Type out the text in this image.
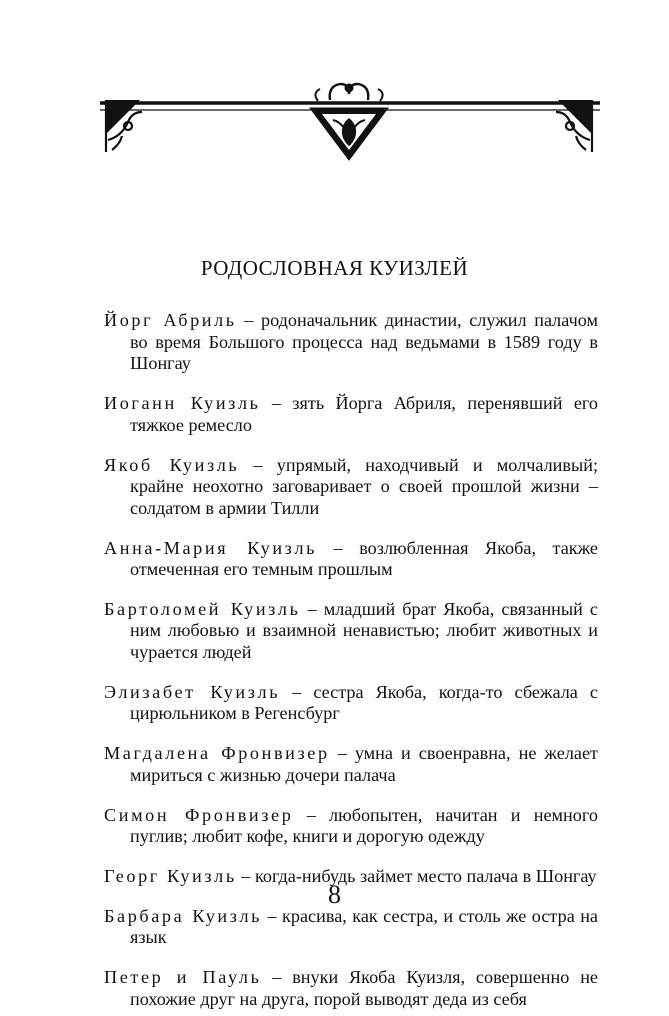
РОДОСЛОВНАЯ КУИЗЛЕЙ

Йорг Абриль – родоначальник династии, служил палачом во время Большого процесса над ведьмами в 1589 году в Шонгау

Иоганн Куизль – зять Йорга Абриля, перенявший его тяжкое ремесло

Якоб Куизль – упрямый, находчивый и молчаливый; крайне неохотно заговаривает о своей прошлой жизни – солдатом в армии Тилли

Анна-Мария Куизль – возлюбленная Якоба, также отмеченная его темным прошлым

Бартоломей Куизль – младший брат Якоба, связанный с ним любовью и взаимной ненавистью; любит животных и чурается людей

Элизабет Куизль – сестра Якоба, когда-то сбежала с цирюльником в Регенсбург

Магдалена Фронвизер – умна и своенравна, не желает мириться с жизнью дочери палача

Симон Фронвизер – любопытен, начитан и немного пуглив; любит кофе, книги и дорогую одежду

Георг Куизль – когда-нибудь займет место палача в Шонгау

Барбара Куизль – красива, как сестра, и столь же остра на язык

Петер и Пауль – внуки Якоба Куизля, совершенно не похожие друг на друга, порой выводят деда из себя

8
